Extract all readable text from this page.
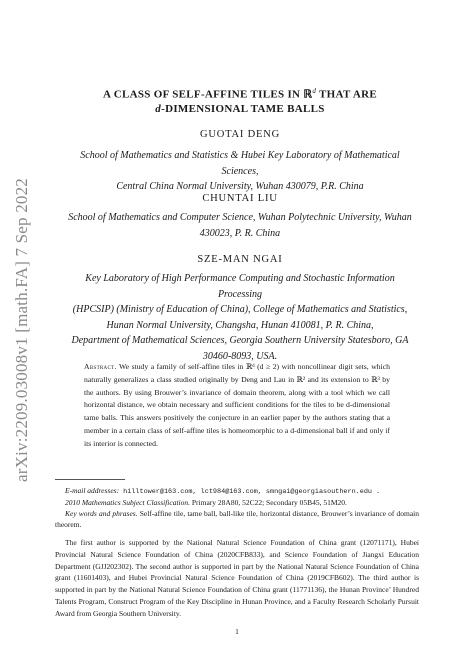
arXiv:2209.03008v1 [math.FA] 7 Sep 2022
A CLASS OF SELF-AFFINE TILES IN ℝ$^d$ THAT ARE
d-DIMENSIONAL TAME BALLS
GUOTAI DENG
School of Mathematics and Statistics & Hubei Key Laboratory of Mathematical Sciences,
Central China Normal University, Wuhan 430079, P.R. China
CHUNTAI LIU
School of Mathematics and Computer Science, Wuhan Polytechnic University, Wuhan
430023, P. R. China
SZE-MAN NGAI
Key Laboratory of High Performance Computing and Stochastic Information Processing
(HPCSIP) (Ministry of Education of China), College of Mathematics and Statistics,
Hunan Normal University, Changsha, Hunan 410081, P. R. China,
Department of Mathematical Sciences, Georgia Southern University Statesboro, GA
30460-8093, USA.
Abstract. We study a family of self-affine tiles in ℝᵈ (d ≥ 2) with noncollinear digit sets, which naturally generalizes a class studied originally by Deng and Lau in ℝ² and its extension to ℝ³ by the authors. By using Brouwer’s invariance of domain theorem, along with a tool which we call horizontal distance, we obtain necessary and sufficient conditions for the tiles to be d-dimensional tame balls. This answers positively the conjecture in an earlier paper by the authors stating that a member in a certain class of self-affine tiles is homeomorphic to a d-dimensional ball if and only if its interior is connected.
E-mail addresses: hilltower@163.com, lct984@163.com, smngai@georgiasouthern.edu .
2010 Mathematics Subject Classification. Primary 28A80, 52C22; Secondary 05B45, 51M20.
Key words and phrases. Self-affine tile, tame ball, ball-like tile, horizontal distance, Brouwer’s invariance of domain theorem.
The first author is supported by the National Natural Science Foundation of China grant (12071171), Hubei Provincial Natural Science Foundation of China (2020CFB833), and Science Foundation of Jiangxi Education Department (GJJ202302). The second author is supported in part by the National Natural Science Foundation of China grant (11601403), and Hubei Provincial Natural Science Foundation of China (2019CFB602). The third author is supported in part by the National Natural Science Foundation of China grant (11771136), the Hunan Province’ Hundred Talents Program, Construct Program of the Key Discipline in Hunan Province, and a Faculty Research Scholarly Pursuit Award from Georgia Southern University.
1
